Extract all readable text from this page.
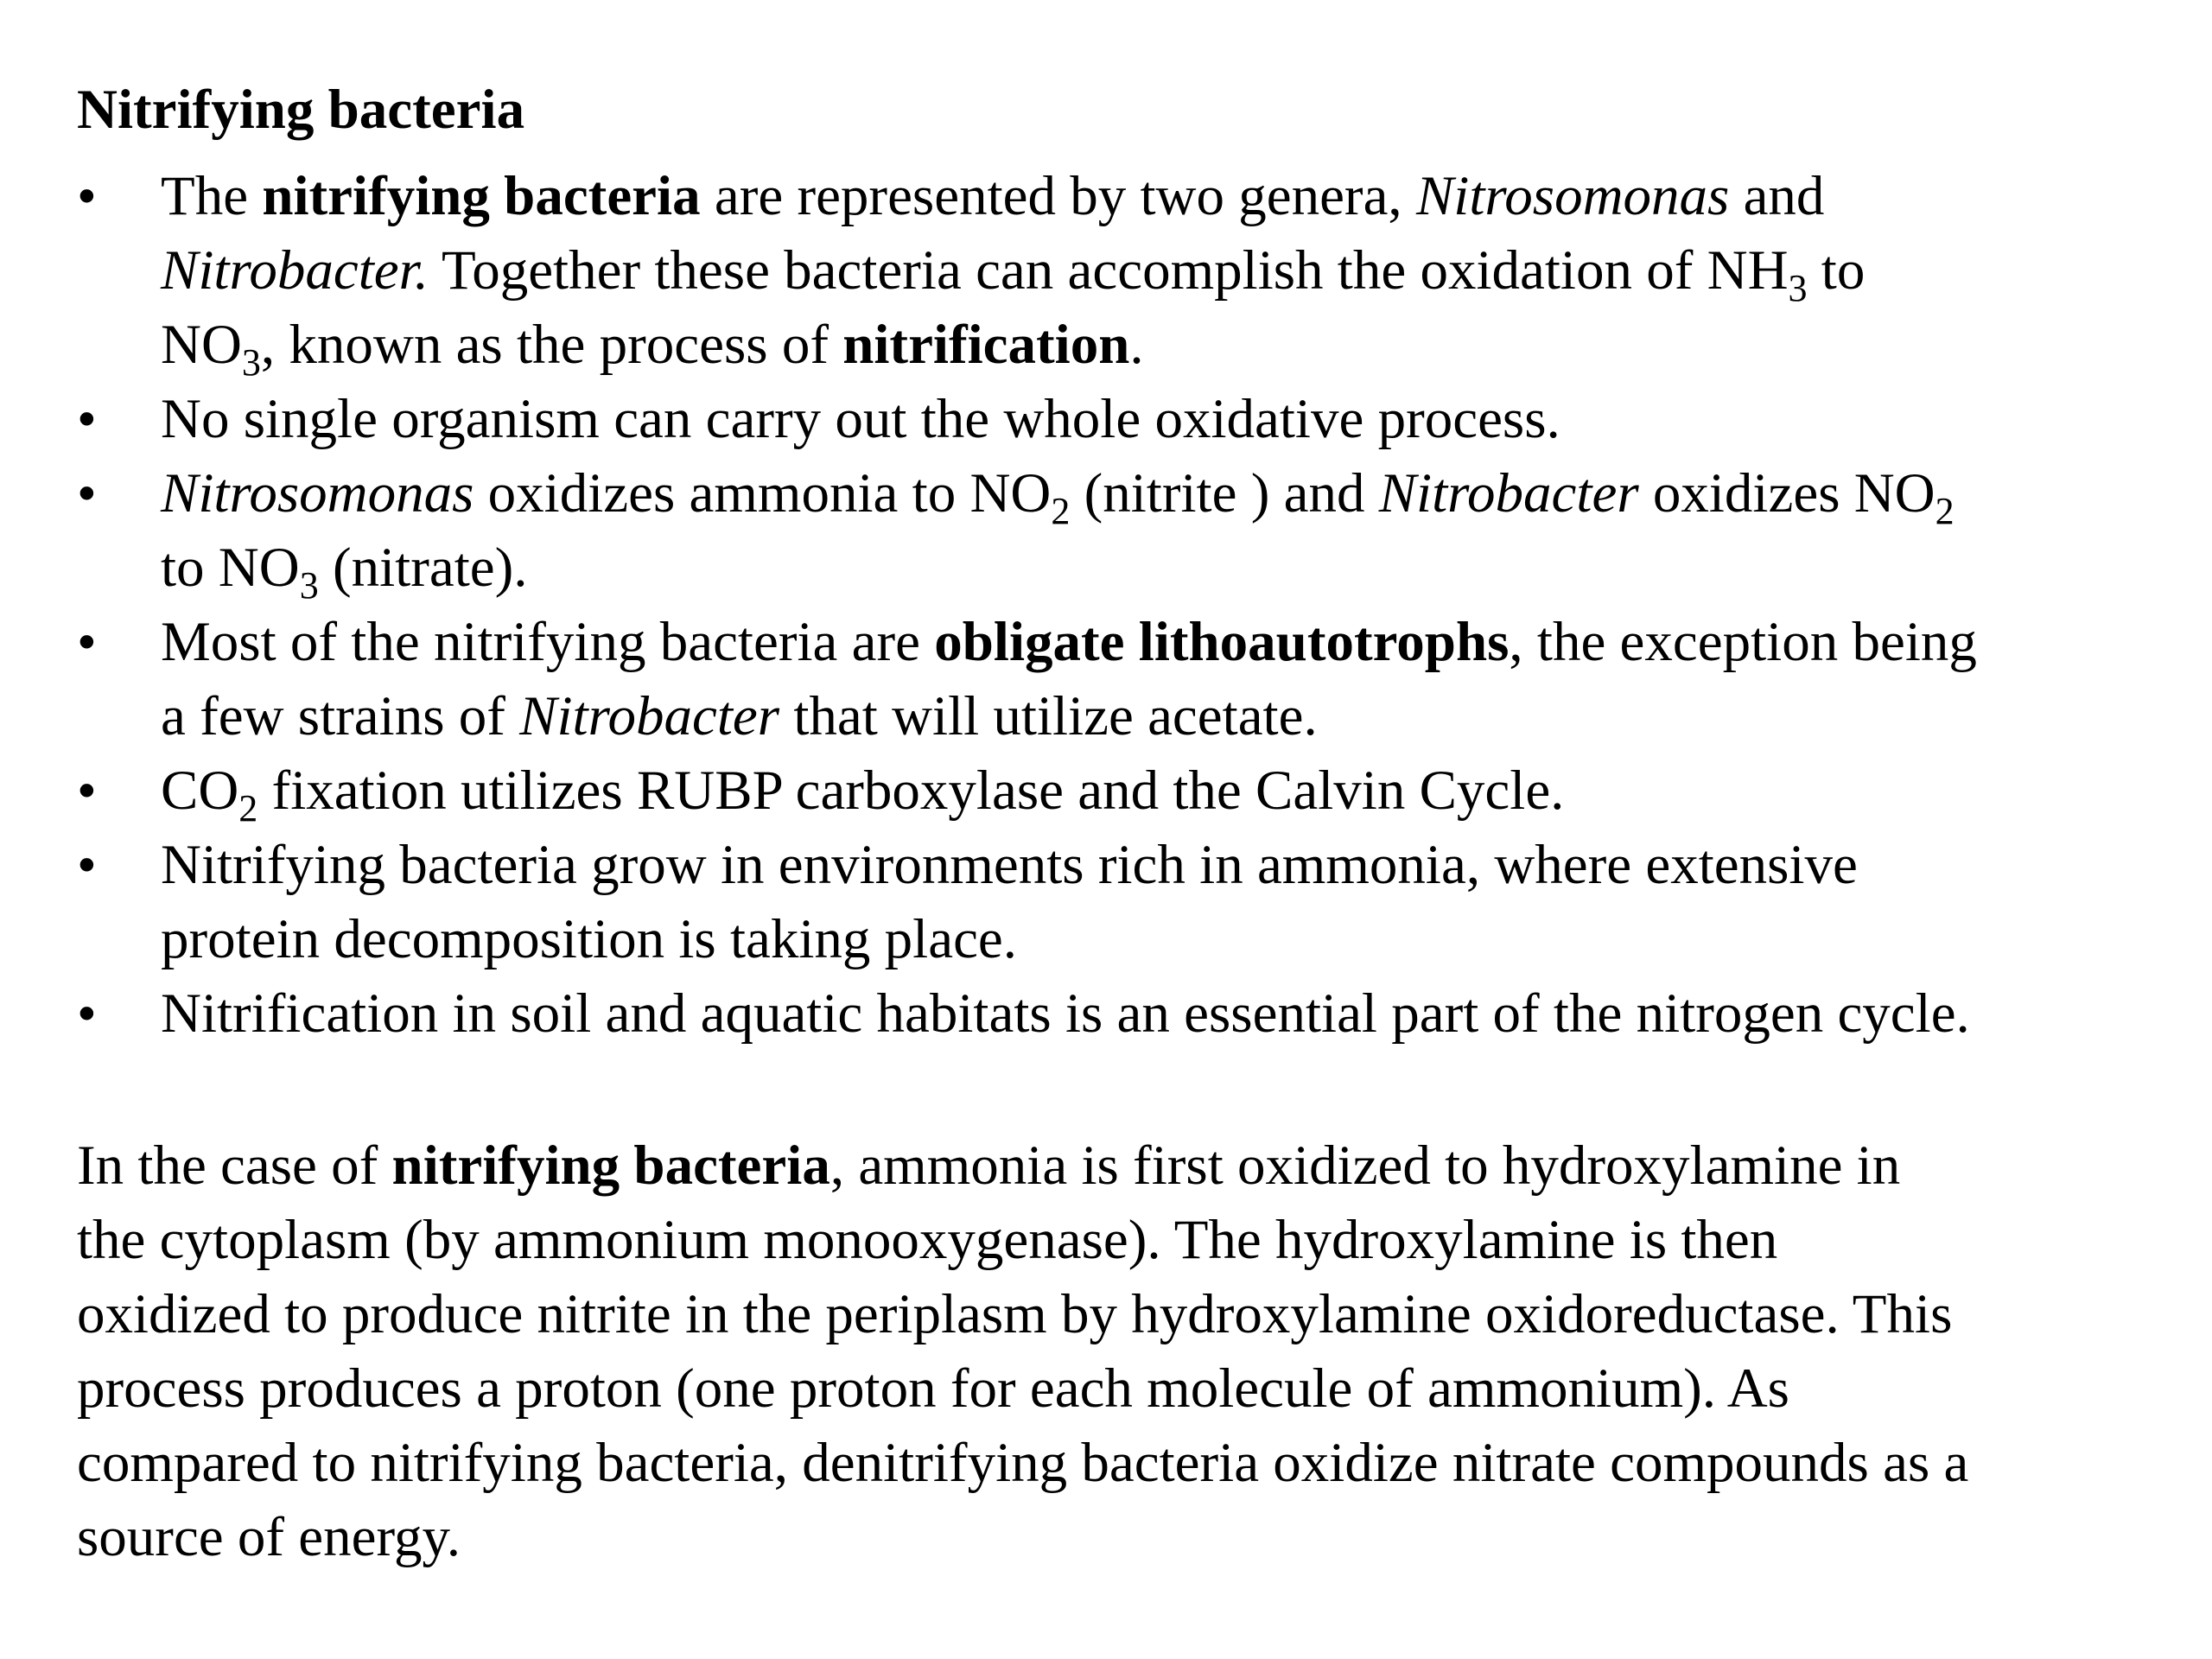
Nitrifying bacteria
• The nitrifying bacteria are represented by two genera, Nitrosomonas and
Nitrobacter. Together these bacteria can accomplish the oxidation of $NH_3$ to
$NO_3$, known as the process of nitrification.
• No single organism can carry out the whole oxidative process.
• Nitrosomonas oxidizes ammonia to $NO_2$ (nitrite ) and Nitrobacter oxidizes $NO_2$
to $NO_3$ (nitrate).
• Most of the nitrifying bacteria are obligate lithoautotrophs, the exception being
a few strains of Nitrobacter that will utilize acetate.
• $CO_2$ fixation utilizes RUBP carboxylase and the Calvin Cycle.
• Nitrifying bacteria grow in environments rich in ammonia, where extensive
protein decomposition is taking place.
• Nitrification in soil and aquatic habitats is an essential part of the nitrogen cycle.

In the case of nitrifying bacteria, ammonia is first oxidized to hydroxylamine in
the cytoplasm (by ammonium monooxygenase). The hydroxylamine is then
oxidized to produce nitrite in the periplasm by hydroxylamine oxidoreductase. This
process produces a proton (one proton for each molecule of ammonium). As
compared to nitrifying bacteria, denitrifying bacteria oxidize nitrate compounds as a
source of energy.
